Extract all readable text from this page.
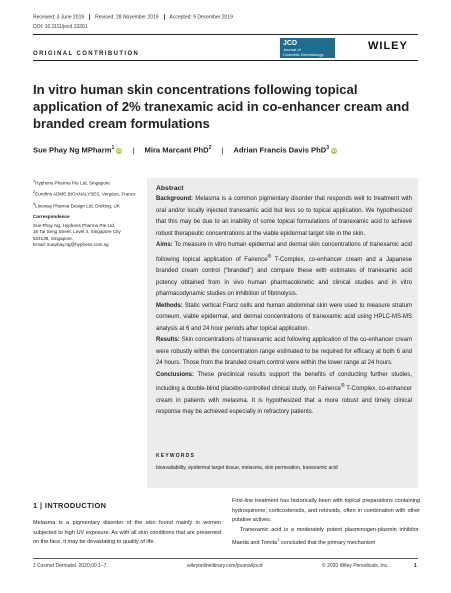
Received: 3 June 2019 Revised: 28 November 2019 Accepted: 9 December 2019
DOI: 10.1111/jocd.13301
JCD
Journal of
Cosmetic Dermatology
WILEY
ORIGINAL CONTRIBUTION
In vitro human skin concentrations following topical application of 2% tranexamic acid in co-enhancer cream and branded cream formulations
Sue Phay Ng MPharm$^1$ iD | Mira Marcant PhD$^2$ | Adrian Francis Davis PhD$^3$ iD

$^1$Hyphens Pharma Pte Ltd, Singapore

$^2$Eurofins ADME BIOANALYSES, Vergèze, France

$^3$Lineway Pharma Design Ltd, Dorking, UK

Correspondence

Sue Phay Ng, Hyphens Pharma Pte Ltd,
16 Tai Seng Street, Level 4, Singapore City
534138, Singapore.
Email: suephay.ng@hyphens.com.sg

Abstract

Background: Melasma is a common pigmentary disorder that responds well to treatment with oral and/or locally injected tranexamic acid but less so to topical application. We hypothesized that this may be due to an inability of some topical formulations of tranexamic acid to achieve robust therapeutic concentrations at the viable epidermal target site in the skin.

Aims: To measure in vitro human epidermal and dermal skin concentrations of tranexamic acid following topical application of Fairence® T-Complex, co-enhancer cream and a Japanese branded cream control (“branded”) and compare these with estimates of tranexamic acid potency obtained from in vivo human pharmacokinetic and clinical studies and in vitro pharmacodynamic studies on inhibition of fibrinolysis.

Methods: Static vertical Franz cells and human abdominal skin were used to measure stratum corneum, viable epidermal, and dermal concentrations of tranexamic acid using HPLC-MS-MS analysis at 6 and 24 hour periods after topical application.

Results: Skin concentrations of tranexamic acid following application of the co-enhancer cream were robustly within the concentration range estimated to be required for efficacy at both 6 and 24 hours. Those from the branded cream control were within the lower range at 24 hours.

Conclusions: These preclinical results support the benefits of conducting further studies, including a double-blind placebo-controlled clinical study, on Fairence® T-Complex, co-enhancer cream in patients with melasma. It is hypothesized that a more robust and timely clinical response may be achieved especially in refractory patients.

KEYWORDS
bioavailability, epidermal target tissue, melasma, skin permeation, tranexamic acid
1 | INTRODUCTION

Melasma is a pigmentary disorder of the skin found mainly in women subjected to high UV exposure. As with all skin conditions that are presented on the face, it may be devastating to quality of life.

First-line treatment has historically been with topical preparations containing hydroquinone, corticosteroids, and retinoids, often in combination with other putative actives.

Tranexamic acid is a moderately potent plasminogen-plasmin inhibitor. Maeda and Tomita$^1$ concluded that the primary mechanism

J Cosmet Dermatol. 2020;00:1–7.	wileyonlinelibrary.com/journal/jocd	© 2020 Wiley Periodicals, Inc.	1
